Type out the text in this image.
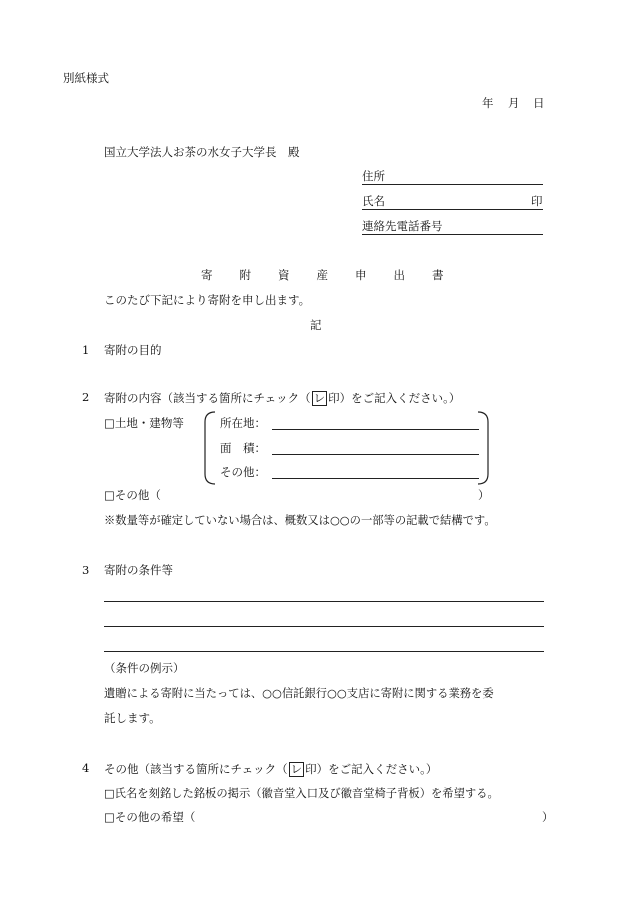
別紙様式
年 月 日
国立大学法人お茶の水女子大学長　殿
住所
氏名	印
連絡先電話番号
寄附資産申出書
このたび下記により寄附を申し出ます。
記
1 寄附の目的
2 寄附の内容（該当する箇所にチェック（ レ 印）をご記入ください。）
□土地・建物等	所在地：
面　積：
その他：
□その他（	）
※数量等が確定していない場合は、概数又は○○の一部等の記載で結構です。
3 寄附の条件等
（条件の例示）
遺贈による寄附に当たっては、○○信託銀行○○支店に寄附に関する業務を委
託します。
4 その他（該当する箇所にチェック（ レ 印）をご記入ください。）
□氏名を刻銘した銘板の掲示（徽音堂入口及び徽音堂椅子背板）を希望する。
□その他の希望（	）
